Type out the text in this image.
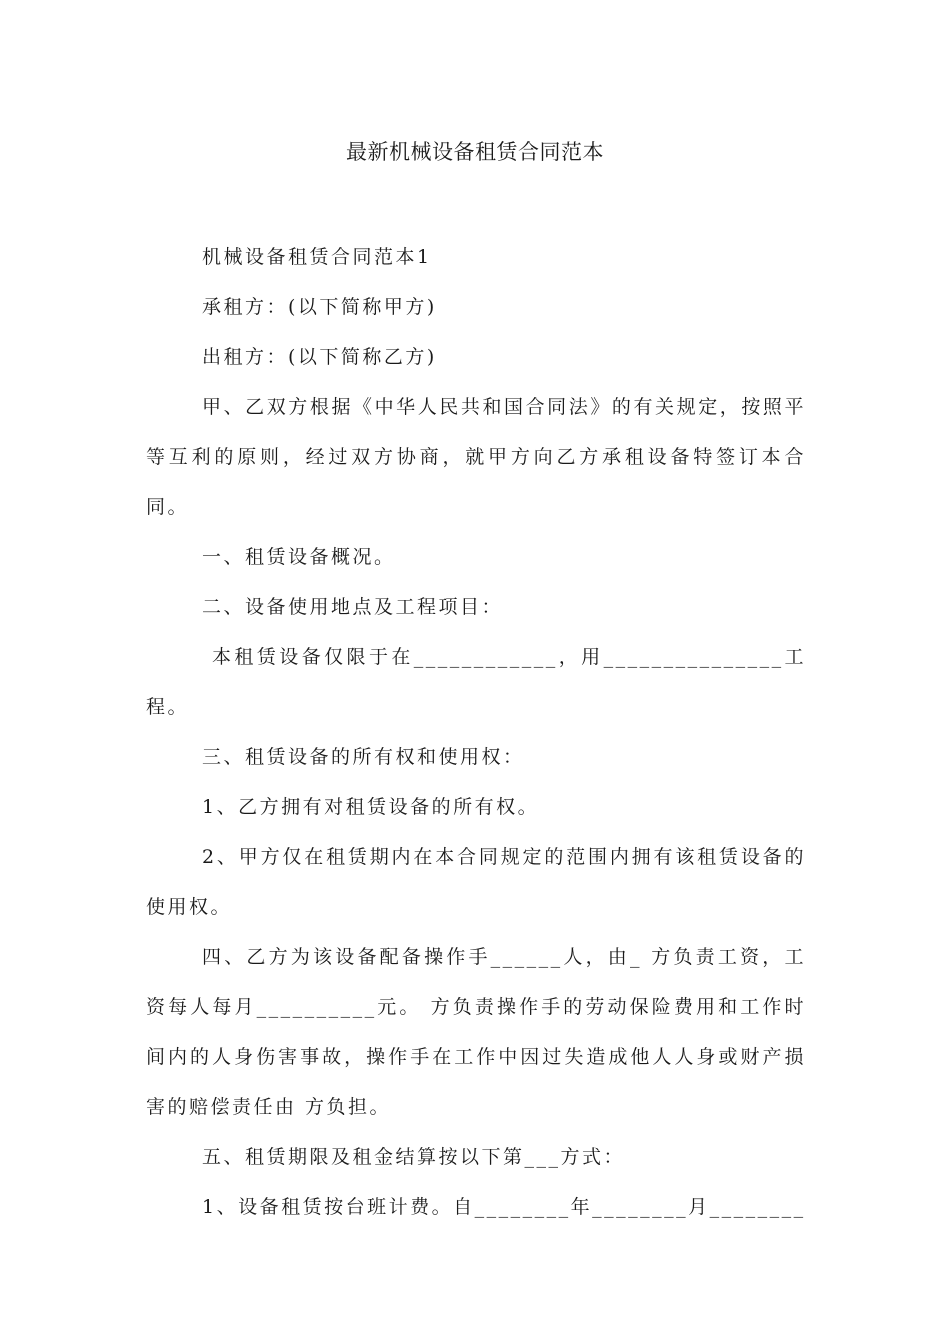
最新机械设备租赁合同范本

机械设备租赁合同范本1

承租方：(以下简称甲方)

出租方：(以下简称乙方)

甲、乙双方根据《中华人民共和国合同法》的有关规定，按照平等互利的原则，经过双方协商，就甲方向乙方承租设备特签订本合同。

一、租赁设备概况。

二、设备使用地点及工程项目：

本租赁设备仅限于在____________，用_______________工程。

三、租赁设备的所有权和使用权：

1、乙方拥有对租赁设备的所有权。

2、甲方仅在租赁期内在本合同规定的范围内拥有该租赁设备的使用权。

四、乙方为该设备配备操作手______人，由_ 方负责工资，工资每人每月__________元。 方负责操作手的劳动保险费用和工作时间内的人身伤害事故，操作手在工作中因过失造成他人人身或财产损害的赔偿责任由 方负担。

五、租赁期限及租金结算按以下第___方式：

1、设备租赁按台班计费。自________年________月________
